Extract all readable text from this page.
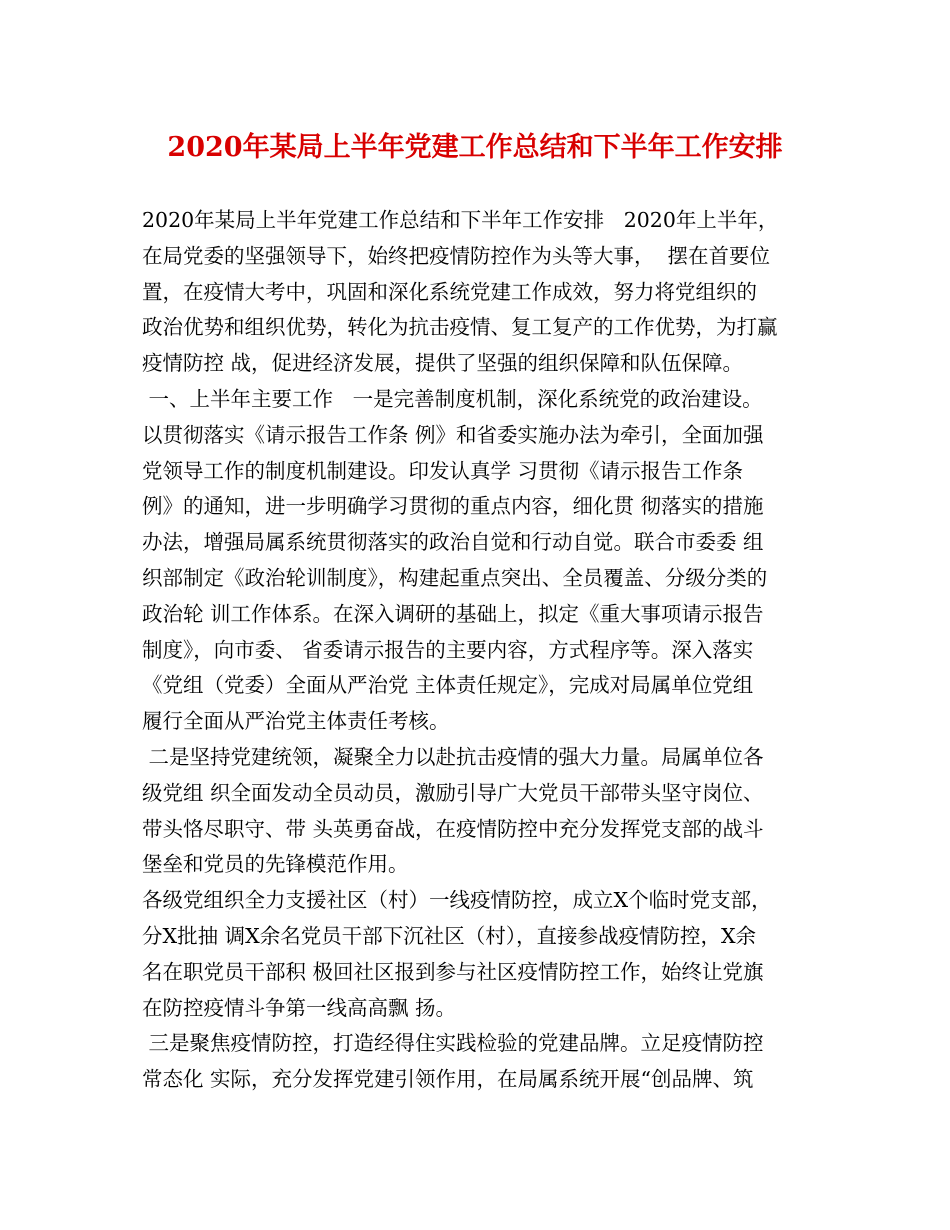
2020年某局上半年党建工作总结和下半年工作安排
2020年某局上半年党建工作总结和下半年工作安排   2020年上半年，
在局党委的坚强领导下，始终把疫情防控作为头等大事，  摆在首要位
置，在疫情大考中，巩固和深化系统党建工作成效，努力将党组织的
政治优势和组织优势，转化为抗击疫情、复工复产的工作优势，为打赢
疫情防控 战，促进经济发展，提供了坚强的组织保障和队伍保障。
一、上半年主要工作   一是完善制度机制，深化系统党的政治建设。
以贯彻落实《请示报告工作条 例》和省委实施办法为牵引，全面加强
党领导工作的制度机制建设。印发认真学 习贯彻《请示报告工作条
例》的通知，进一步明确学习贯彻的重点内容，细化贯 彻落实的措施
办法，增强局属系统贯彻落实的政治自觉和行动自觉。联合市委委 组
织部制定《政治轮训制度》，构建起重点突出、全员覆盖、分级分类的
政治轮 训工作体系。在深入调研的基础上，拟定《重大事项请示报告
制度》，向市委、 省委请示报告的主要内容，方式程序等。深入落实
《党组（党委）全面从严治党 主体责任规定》，完成对局属单位党组
履行全面从严治党主体责任考核。
二是坚持党建统领，凝聚全力以赴抗击疫情的强大力量。局属单位各
级党组 织全面发动全员动员，激励引导广大党员干部带头坚守岗位、
带头恪尽职守、带 头英勇奋战，在疫情防控中充分发挥党支部的战斗
堡垒和党员的先锋模范作用。
各级党组织全力支援社区（村）一线疫情防控，成立X个临时党支部，
分X批抽 调X余名党员干部下沉社区（村），直接参战疫情防控，X余
名在职党员干部积 极回社区报到参与社区疫情防控工作，始终让党旗
在防控疫情斗争第一线高高飘 扬。
三是聚焦疫情防控，打造经得住实践检验的党建品牌。立足疫情防控
常态化 实际，充分发挥党建引领作用，在局属系统开展“创品牌、筑
